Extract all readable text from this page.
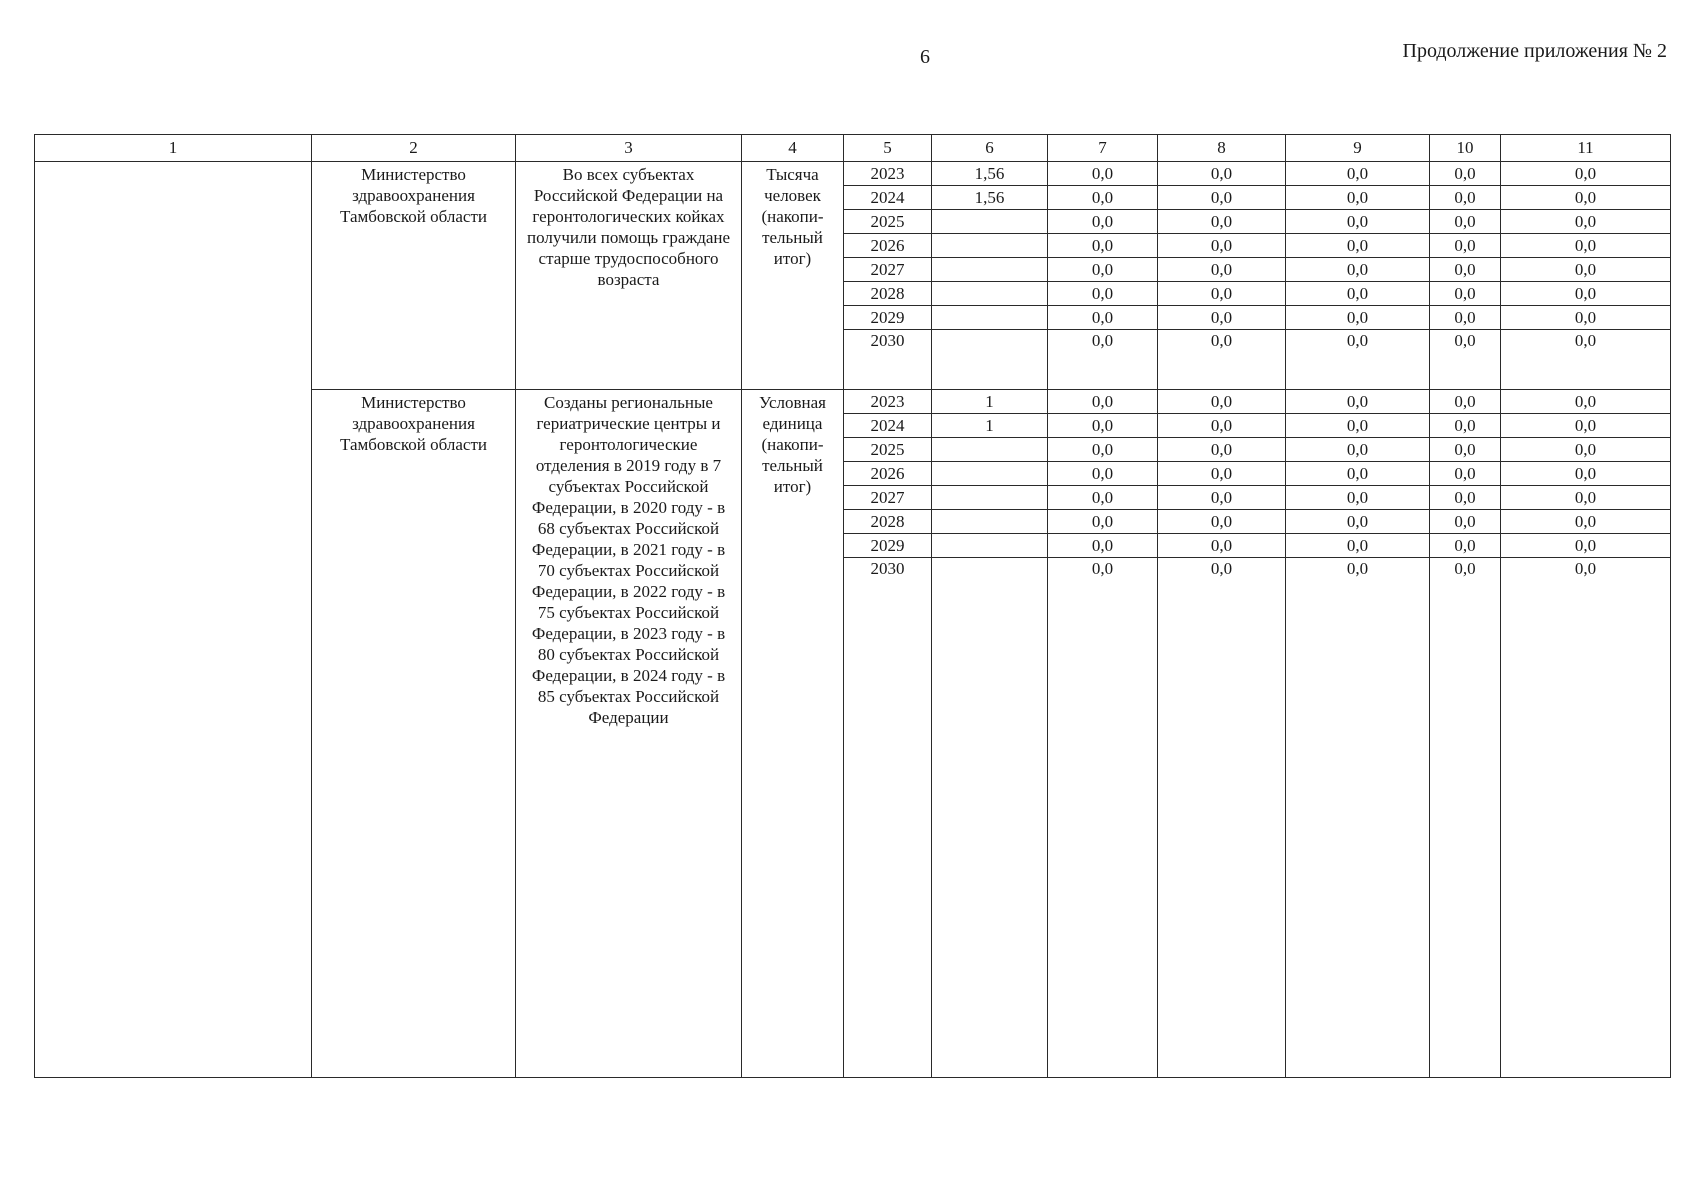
6	Продолжение приложения № 2
1	2	3	4	5	6	7	8	9	10	11
	Министерство здравоохранения Тамбовской области	Во всех субъектах Российской Федерации на геронтологических койках получили помощь граждане старше трудоспособного возраста	Тысяча человек (накопи-тельный итог)	2023	1,56	0,0	0,0	0,0	0,0	0,0
				2024	1,56	0,0	0,0	0,0	0,0	0,0
				2025		0,0	0,0	0,0	0,0	0,0
				2026		0,0	0,0	0,0	0,0	0,0
				2027		0,0	0,0	0,0	0,0	0,0
				2028		0,0	0,0	0,0	0,0	0,0
				2029		0,0	0,0	0,0	0,0	0,0
				2030		0,0	0,0	0,0	0,0	0,0
	Министерство здравоохранения Тамбовской области	Созданы региональные гериатрические центры и геронтологические отделения в 2019 году в 7 субъектах Российской Федерации, в 2020 году - в 68 субъектах Российской Федерации, в 2021 году - в 70 субъектах Российской Федерации, в 2022 году - в 75 субъектах Российской Федерации, в 2023 году - в 80 субъектах Российской Федерации, в 2024 году - в 85 субъектах Российской Федерации	Условная единица (накопи-тельный итог)	2023	1	0,0	0,0	0,0	0,0	0,0
				2024	1	0,0	0,0	0,0	0,0	0,0
				2025		0,0	0,0	0,0	0,0	0,0
				2026		0,0	0,0	0,0	0,0	0,0
				2027		0,0	0,0	0,0	0,0	0,0
				2028		0,0	0,0	0,0	0,0	0,0
				2029		0,0	0,0	0,0	0,0	0,0
				2030		0,0	0,0	0,0	0,0	0,0
